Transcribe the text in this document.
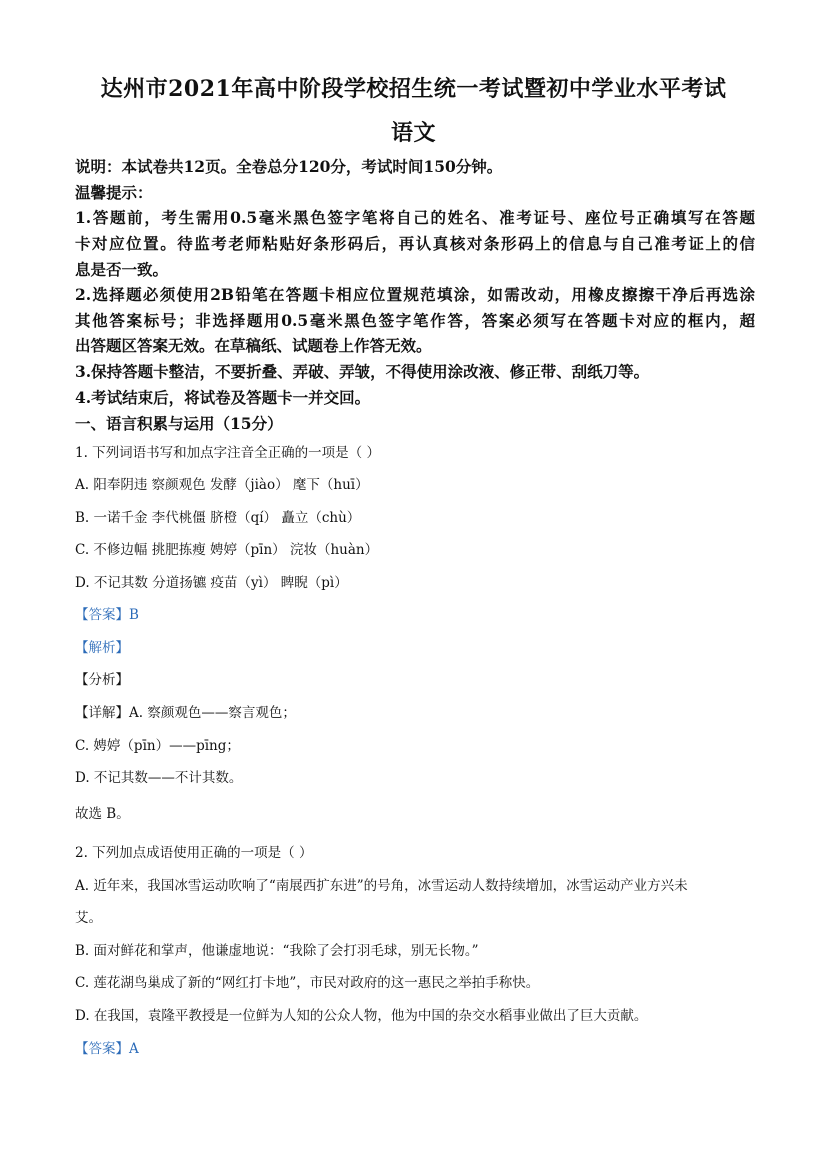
达州市2021年高中阶段学校招生统一考试暨初中学业水平考试
语文
说明：本试卷共12页。全卷总分120分，考试时间150分钟。
温馨提示：
1.答题前，考生需用0.5毫米黑色签字笔将自己的姓名、准考证号、座位号正确填写在答题
卡对应位置。待监考老师粘贴好条形码后，再认真核对条形码上的信息与自己准考证上的信
息是否一致。
2.选择题必须使用2B铅笔在答题卡相应位置规范填涂，如需改动，用橡皮擦擦干净后再选涂
其他答案标号；非选择题用0.5毫米黑色签字笔作答，答案必须写在答题卡对应的框内，超
出答题区答案无效。在草稿纸、试题卷上作答无效。
3.保持答题卡整洁，不要折叠、弄破、弄皱，不得使用涂改液、修正带、刮纸刀等。
4.考试结束后，将试卷及答题卡一并交回。
一、语言积累与运用（15分）
1. 下列词语书写和加点字注音全正确的一项是（ ）
A. 阳奉阴违 察颜观色 发酵（jiào） 麾下（huī）
B. 一诺千金 李代桃僵 脐橙（qí） 矗立（chù）
C. 不修边幅 挑肥拣瘦 娉婷（pīn） 浣妆（huàn）
D. 不记其数 分道扬镳 疫苗（yì） 睥睨（pì）
【答案】B
【解析】
【分析】
【详解】A. 察颜观色——察言观色；
C. 娉婷（pīn）——pīng；
D. 不记其数——不计其数。
故选 B。
2. 下列加点成语使用正确的一项是（ ）
A. 近年来，我国冰雪运动吹响了“南展西扩东进”的号角，冰雪运动人数持续增加，冰雪运动产业方兴未
艾。
B. 面对鲜花和掌声，他谦虚地说：“我除了会打羽毛球，别无长物。”
C. 莲花湖鸟巢成了新的“网红打卡地”，市民对政府的这一惠民之举拍手称快。
D. 在我国，袁隆平教授是一位鲜为人知的公众人物，他为中国的杂交水稻事业做出了巨大贡献。
【答案】A
